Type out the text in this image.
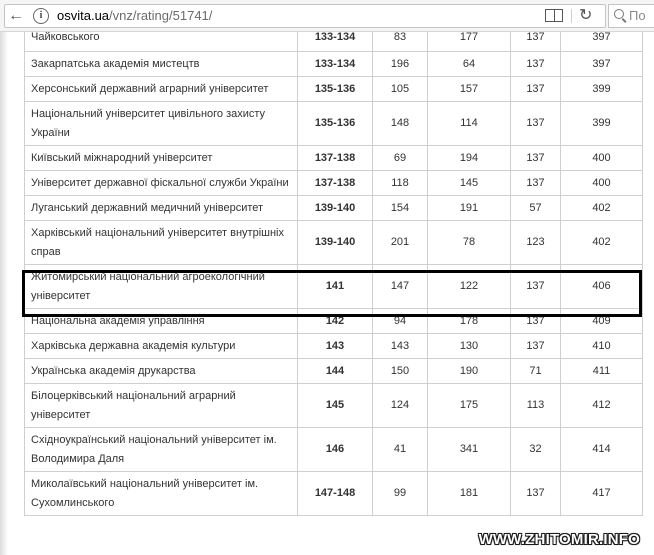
←	i	osvita.ua/vnz/rating/51741/	↻	По
Чайковського	133-134	83	177	137	397
Закарпатська академія мистецтв	133-134	196	64	137	397
Херсонський державний аграрний університет	135-136	105	157	137	399
Національний університет цивільного захисту України	135-136	148	114	137	399
Київський міжнародний університет	137-138	69	194	137	400
Університет державної фіскальної служби України	137-138	118	145	137	400
Луганський державний медичний університет	139-140	154	191	57	402
Харківський національний університет внутрішніх справ	139-140	201	78	123	402
Житомирський національний агроекологічний університет	141	147	122	137	406
Національна академія управління	142	94	178	137	409
Харківська державна академія культури	143	143	130	137	410
Українська академія друкарства	144	150	190	71	411
Білоцерківський національний аграрний університет	145	124	175	113	412
Східноукраїнський національний університет ім. Володимира Даля	146	41	341	32	414
Миколаївський національний університет ім. Сухомлинського	147-148	99	181	137	417
WWW.ZHITOMIR.INFO
